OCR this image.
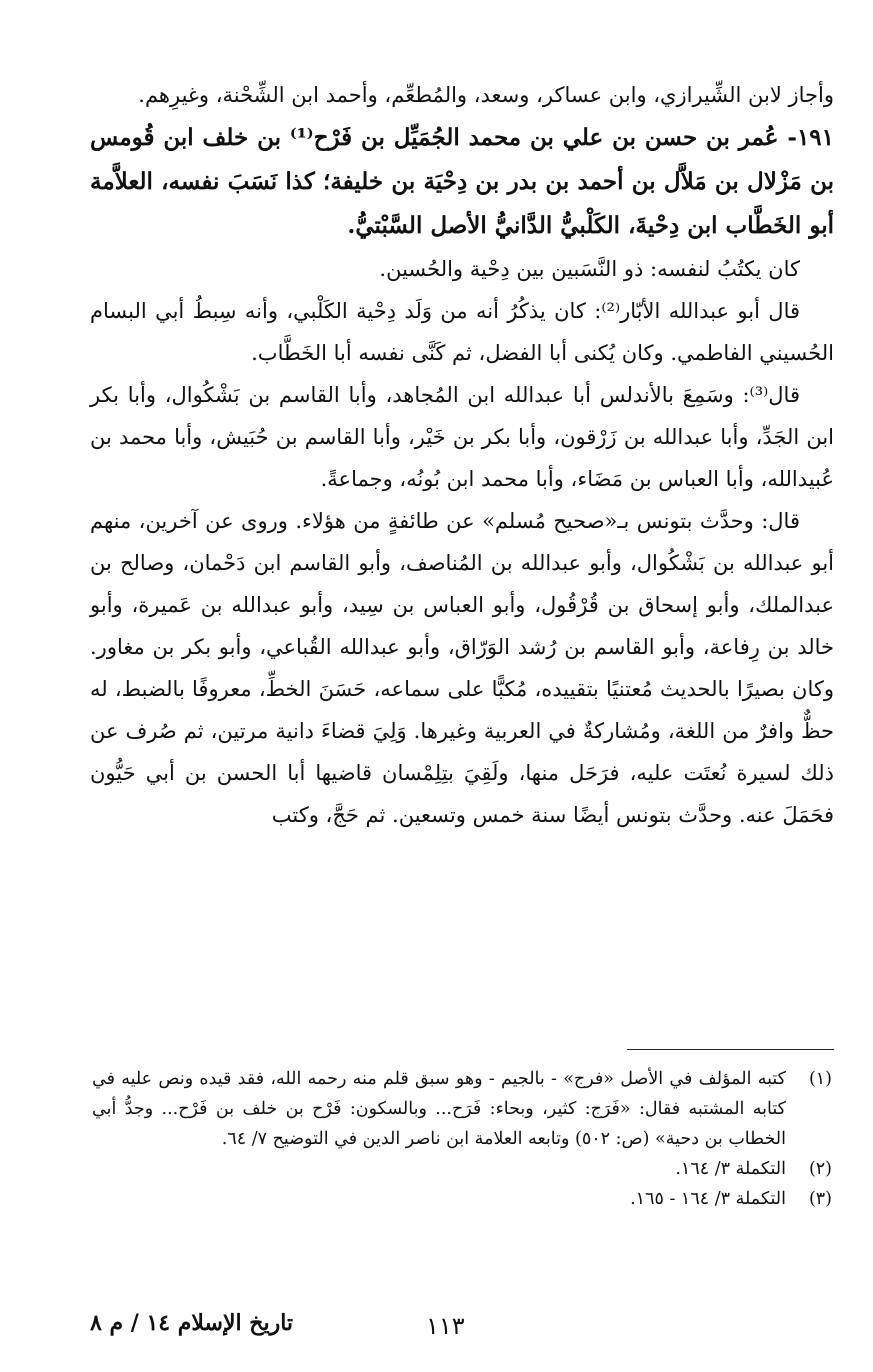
وأجاز لابن الشِّيرازي، وابن عساكر، وسعد، والمُطعِّم، وأحمد ابن الشِّحْنة، وغيرِهم.

١٩١- عُمر بن حسن بن علي بن محمد الجُمَيِّل بن فَرْح⁽¹⁾ بن خلف ابن قُومس بن مَزْلال بن مَلاَّل بن أحمد بن بدر بن دِحْيَة بن خليفة؛ كذا نَسَبَ نفسه، العلاَّمة أبو الخَطَّاب ابن دِحْيةَ، الكَلْبيُّ الدَّانيُّ الأصل السَّبْتيُّ.

كان يكتُبُ لنفسه: ذو النَّسَبين بين دِحْية والحُسين.

قال أبو عبدالله الأبّار⁽²⁾: كان يذكُرُ أنه من وَلَد دِحْية الكَلْبي، وأنه سِبطُ أبي البسام الحُسيني الفاطمي. وكان يُكنى أبا الفضل، ثم كَنَّى نفسه أبا الخَطَّاب.

قال⁽³⁾: وسَمِعَ بالأندلس أبا عبدالله ابن المُجاهد، وأبا القاسم بن بَشْكُوال، وأبا بكر ابن الجَدِّ، وأبا عبدالله بن زَرْقون، وأبا بكر بن خَيْر، وأبا القاسم بن حُبَيش، وأبا محمد بن عُبيدالله، وأبا العباس بن مَضَاء، وأبا محمد ابن بُونُه، وجماعةً.

قال: وحدَّث بتونس بـ«صحيح مُسلم» عن طائفةٍ من هؤلاء. وروى عن آخرين، منهم أبو عبدالله بن بَشْكُوال، وأبو عبدالله بن المُناصف، وأبو القاسم ابن دَحْمان، وصالح بن عبدالملك، وأبو إسحاق بن قُرْقُول، وأبو العباس بن سِيد، وأبو عبدالله بن عَميرة، وأبو خالد بن رِفاعة، وأبو القاسم بن رُشد الوَرّاق، وأبو عبدالله القُباعي، وأبو بكر بن مغاور. وكان بصيرًا بالحديث مُعتنيًا بتقييده، مُكبًّا على سماعه، حَسَنَ الخطِّ، معروفًا بالضبط، له حظٌّ وافرٌ من اللغة، ومُشاركةٌ في العربية وغيرها. وَلِيَ قضاءَ دانية مرتين، ثم صُرف عن ذلك لسيرة نُعتَت عليه، فرَحَل منها، ولَقِيَ بتِلِمْسان قاضيها أبا الحسن بن أبي حَيُّون فحَمَلَ عنه. وحدَّث بتونس أيضًا سنة خمس وتسعين. ثم حَجَّ، وكتب

(١)
كتبه المؤلف في الأصل «فرج» - بالجيم - وهو سبق قلم منه رحمه الله، فقد قيده ونص عليه في كتابه المشتبه فقال: «فَرَج: كثير، وبحاء: فَرَح... وبالسكون: فَرْح بن خلف بن فَرْح... وجدُّ أبي الخطاب بن دحية» (ص: ٥٠٢) وتابعه العلامة ابن ناصر الدين في التوضيح ٧/ ٦٤.
(٢)
التكملة ٣/ ١٦٤.
(٣)
التكملة ٣/ ١٦٤ - ١٦٥.
تاريخ الإسلام ١٤ / م ٨	١١٣
